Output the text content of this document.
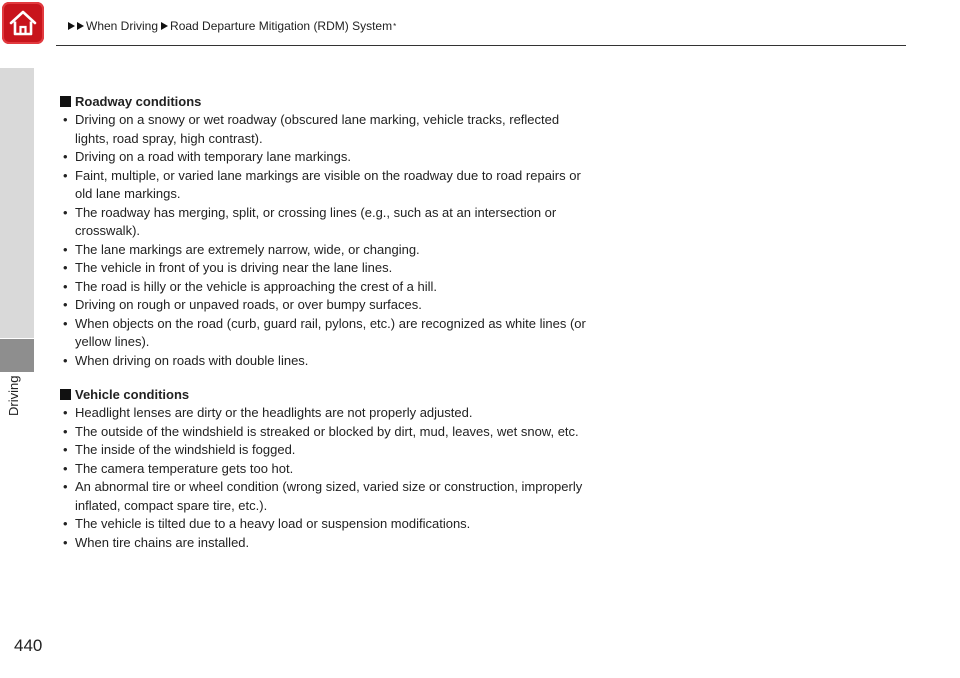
When Driving Road Departure Mitigation (RDM) System *
Driving
Roadway conditions
• Driving on a snowy or wet roadway (obscured lane marking, vehicle tracks, reflected lights, road spray, high contrast).
• Driving on a road with temporary lane markings.
• Faint, multiple, or varied lane markings are visible on the roadway due to road repairs or old lane markings.
• The roadway has merging, split, or crossing lines (e.g., such as at an intersection or crosswalk).
• The lane markings are extremely narrow, wide, or changing.
• The vehicle in front of you is driving near the lane lines.
• The road is hilly or the vehicle is approaching the crest of a hill.
• Driving on rough or unpaved roads, or over bumpy surfaces.
• When objects on the road (curb, guard rail, pylons, etc.) are recognized as white lines (or yellow lines).
• When driving on roads with double lines.
Vehicle conditions
• Headlight lenses are dirty or the headlights are not properly adjusted.
• The outside of the windshield is streaked or blocked by dirt, mud, leaves, wet snow, etc.
• The inside of the windshield is fogged.
• The camera temperature gets too hot.
• An abnormal tire or wheel condition (wrong sized, varied size or construction, improperly inflated, compact spare tire, etc.).
• The vehicle is tilted due to a heavy load or suspension modifications.
• When tire chains are installed.
440
